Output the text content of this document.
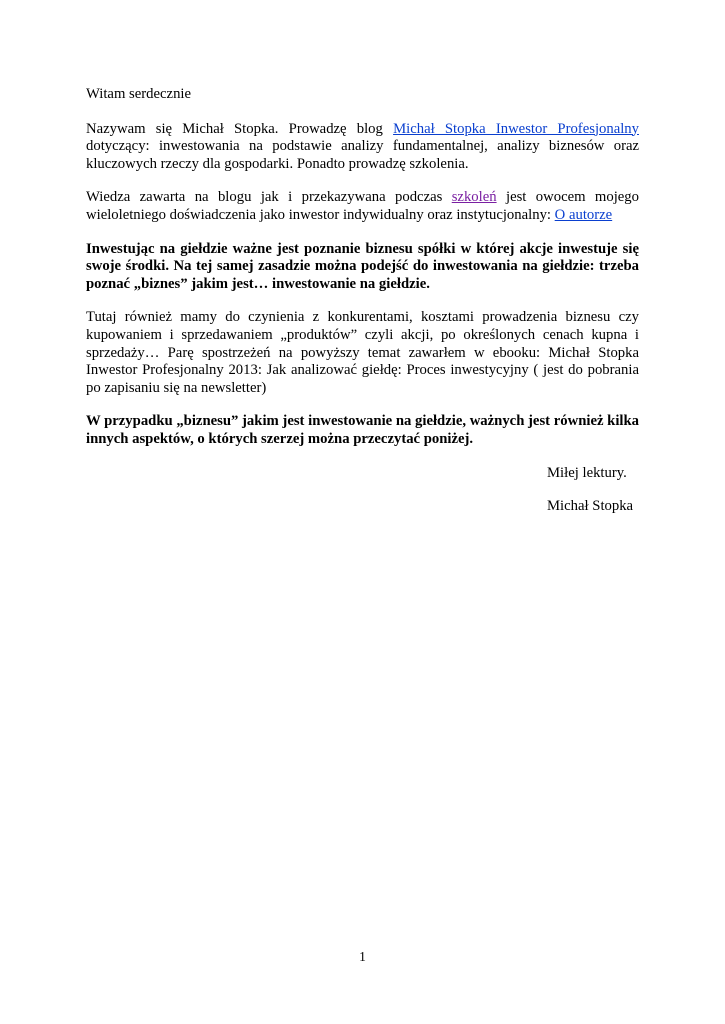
Witam serdecznie

Nazywam się Michał Stopka. Prowadzę blog Michał Stopka Inwestor Profesjonalny dotyczący: inwestowania na podstawie analizy fundamentalnej, analizy biznesów oraz kluczowych rzeczy dla gospodarki. Ponadto prowadzę szkolenia.

Wiedza zawarta na blogu jak i przekazywana podczas szkoleń jest owocem mojego wieloletniego doświadczenia jako inwestor indywidualny oraz instytucjonalny: O autorze

Inwestując na giełdzie ważne jest poznanie biznesu spółki w której akcje inwestuje się swoje środki. Na tej samej zasadzie można podejść do inwestowania na giełdzie: trzeba poznać „biznes” jakim jest… inwestowanie na giełdzie.

Tutaj również mamy do czynienia z konkurentami, kosztami prowadzenia biznesu czy kupowaniem i sprzedawaniem „produktów” czyli akcji, po określonych cenach kupna i sprzedaży… Parę spostrzeżeń na powyższy temat zawarłem w ebooku: Michał Stopka Inwestor Profesjonalny 2013: Jak analizować giełdę: Proces inwestycyjny ( jest do pobrania po zapisaniu się na newsletter)

W przypadku „biznesu” jakim jest inwestowanie na giełdzie, ważnych jest również kilka innych aspektów, o których szerzej można przeczytać poniżej.

Miłej lektury.

Michał Stopka

1
